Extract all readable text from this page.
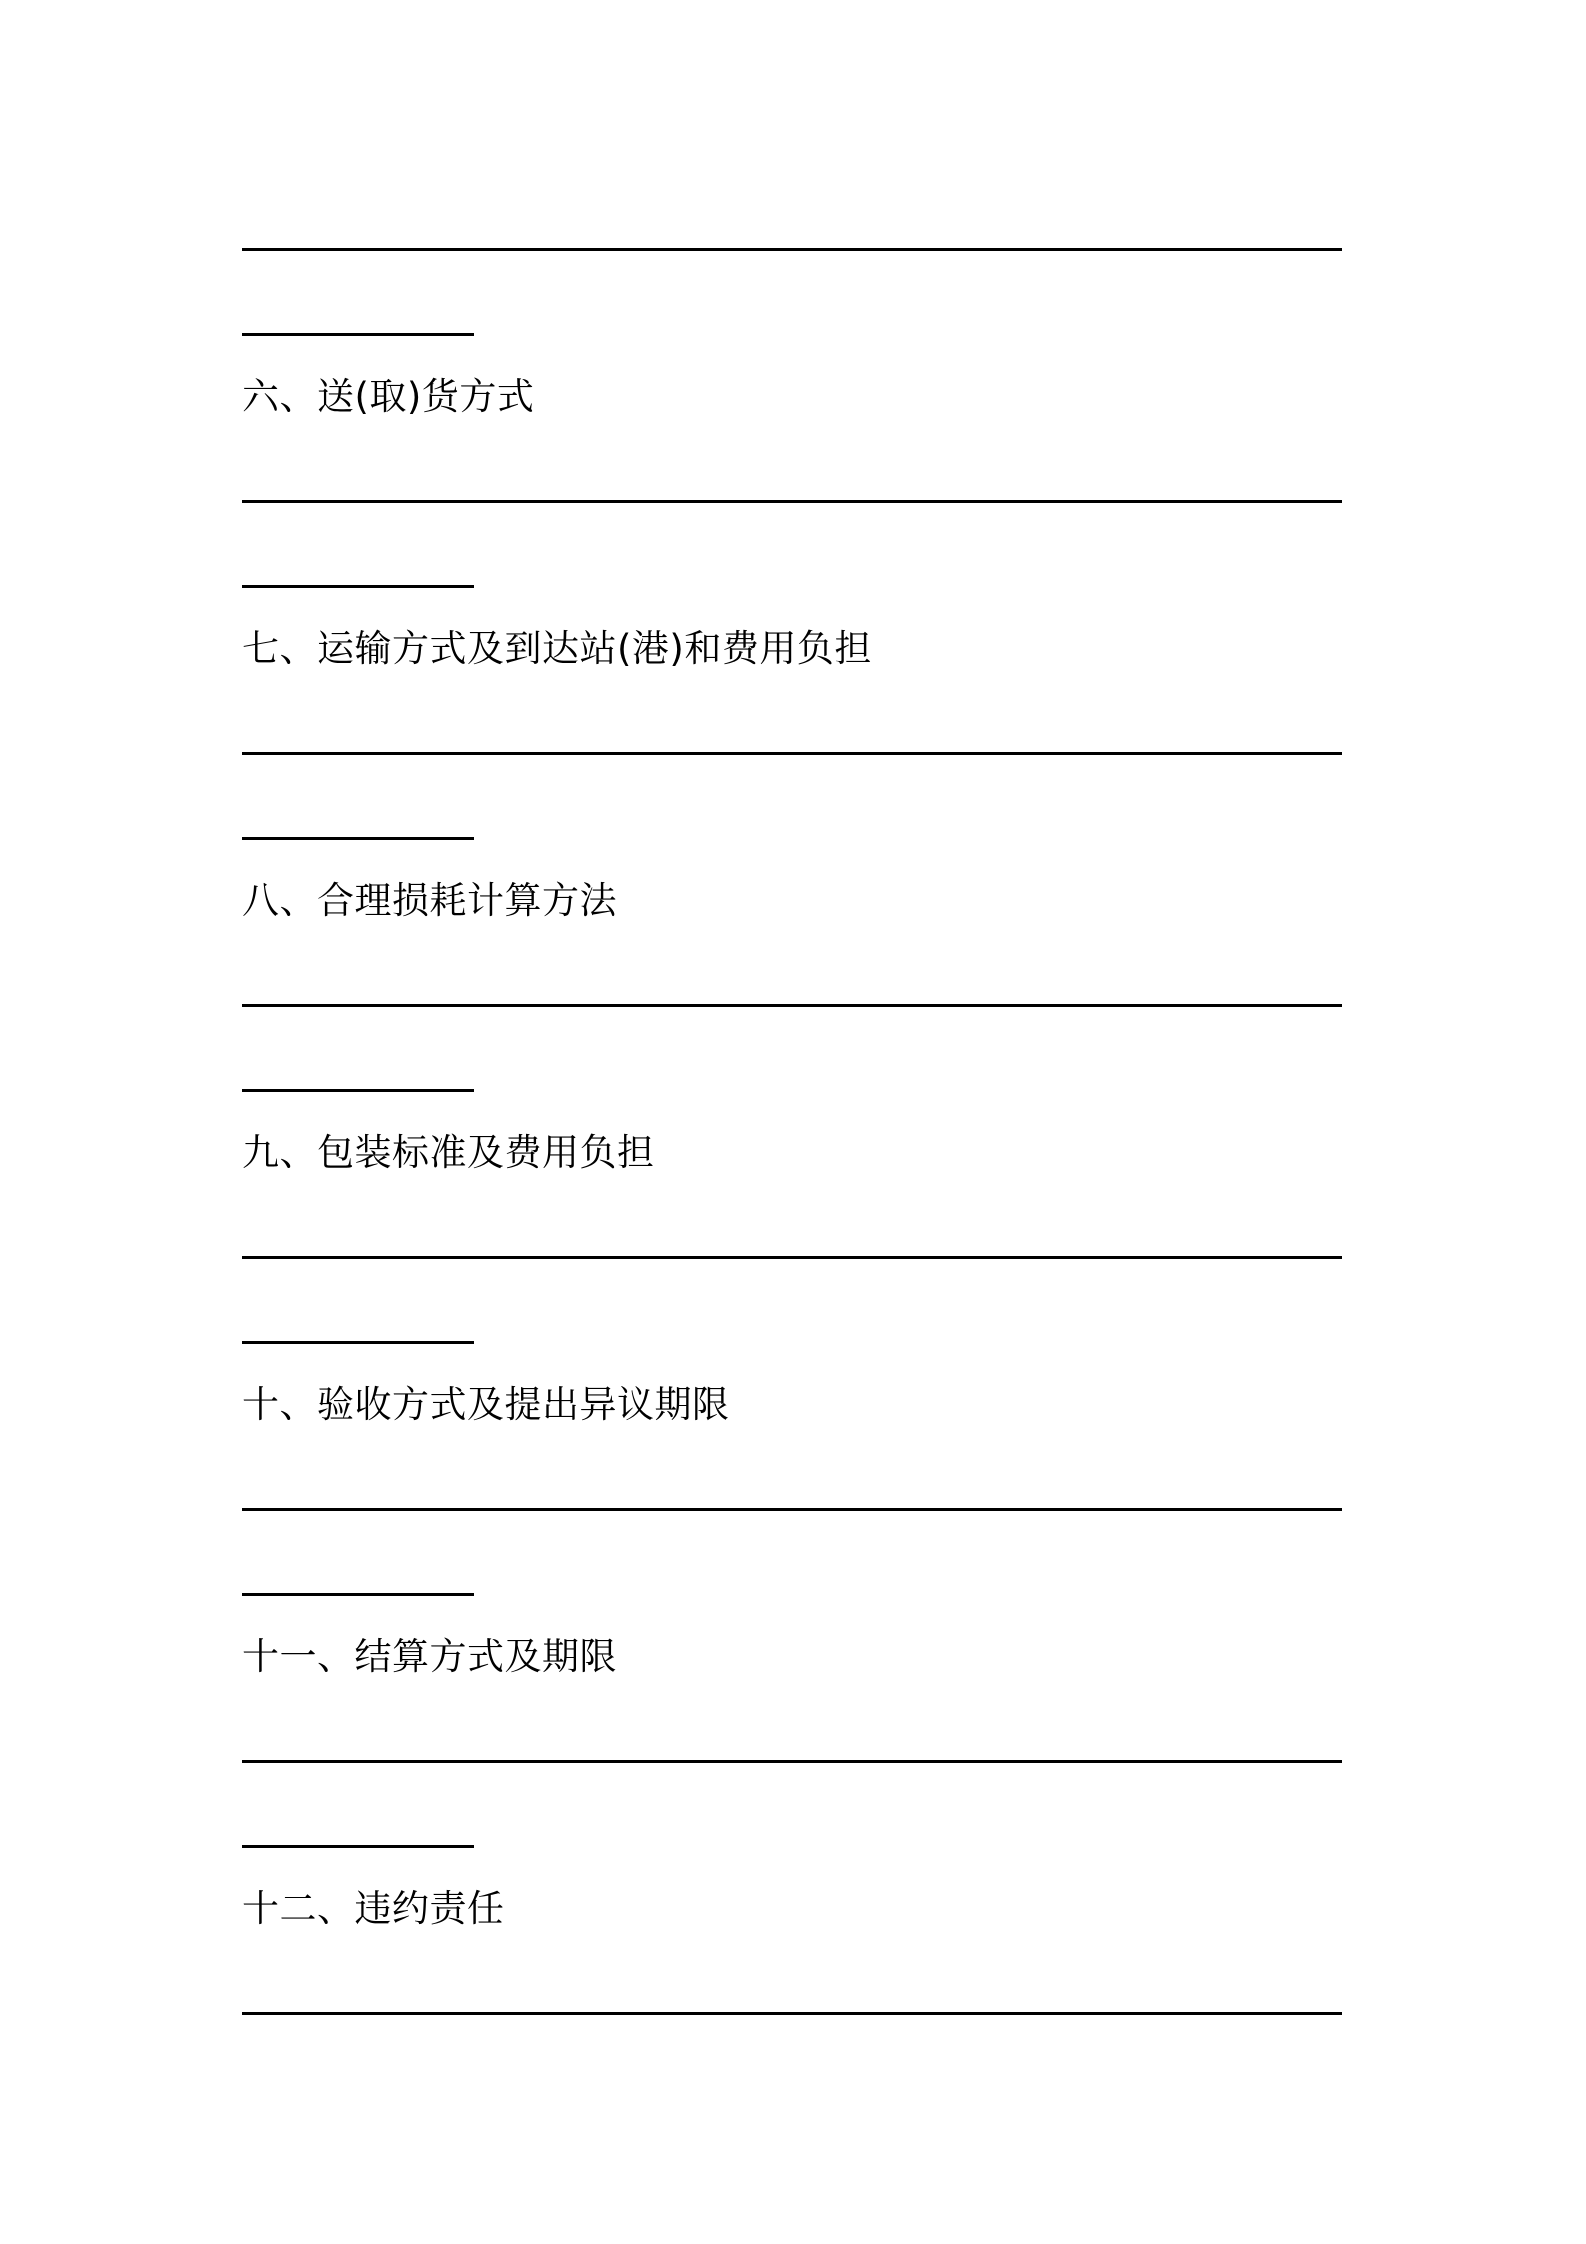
六、送(取)货方式
七、运输方式及到达站(港)和费用负担
八、合理损耗计算方法
九、包装标准及费用负担
十、验收方式及提出异议期限
十一、结算方式及期限
十二、违约责任
